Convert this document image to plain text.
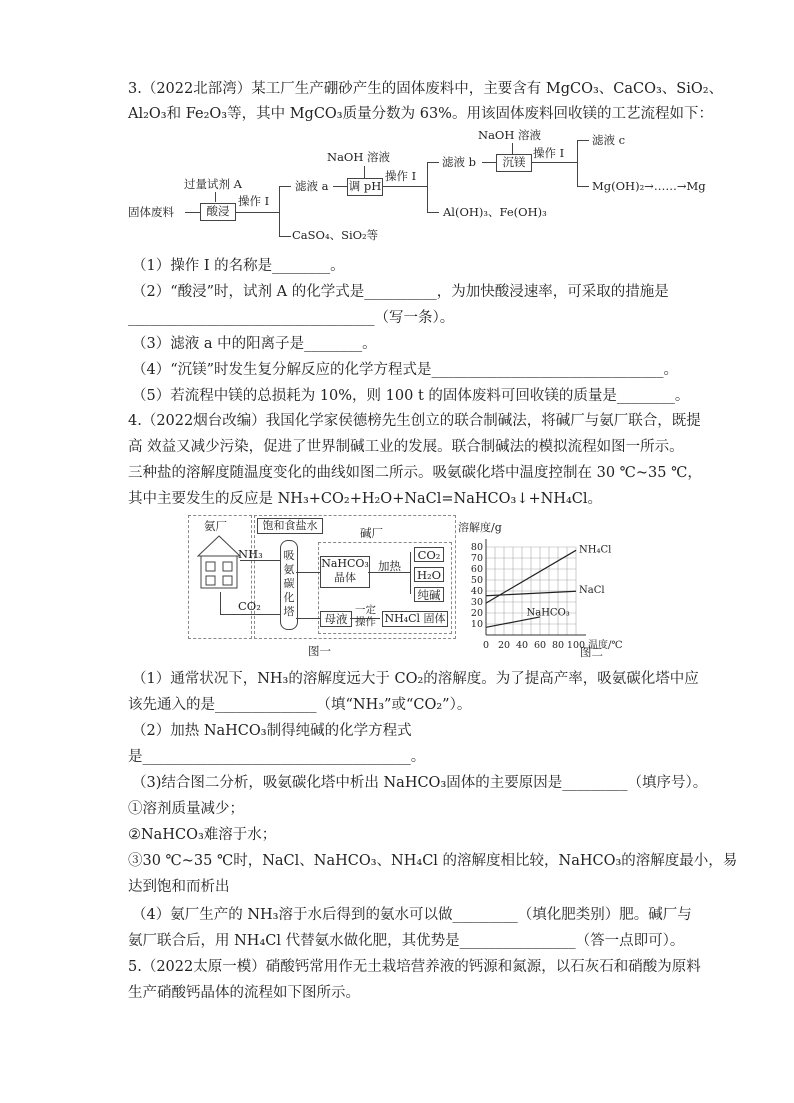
3.（2022北部湾）某工厂生产硼砂产生的固体废料中，主要含有 MgCO₃、CaCO₃、SiO₂、
Al₂O₃和 Fe₂O₃等，其中 MgCO₃质量分数为 63%。用该固体废料回收镁的工艺流程如下：
固体废料
过量试剂 A
酸浸
操作 Ⅰ
CaSO₄、SiO₂等
滤液 a
NaOH 溶液
调 pH
操作 Ⅰ
Al(OH)₃、Fe(OH)₃
滤液 b
NaOH 溶液
沉镁
操作 Ⅰ
滤液 c
Mg(OH)₂→……→Mg
（1）操作 Ⅰ 的名称是________。
（2）“酸浸”时，试剂 A 的化学式是__________，为加快酸浸速率，可采取的措施是
__________________________________（写一条）。
（3）滤液 a 中的阳离子是________。
（4）“沉镁”时发生复分解反应的化学方程式是________________________________。
（5）若流程中镁的总损耗为 10%，则 100 t 的固体废料可回收镁的质量是________。
4.（2022烟台改编）我国化学家侯德榜先生创立的联合制碱法，将碱厂与氨厂联合，既提
高 效益又减少污染，促进了世界制碱工业的发展。联合制碱法的模拟流程如图一所示。
三种盐的溶解度随温度变化的曲线如图二所示。吸氨碳化塔中温度控制在 30 ℃~35 ℃，
其中主要发生的反应是 NH₃+CO₂+H₂O+NaCl=NaHCO₃↓+NH₄Cl。
氨厂
NH₃
CO₂
饱和食盐水
吸
氨
碳
化
塔
碱厂
NaHCO₃
晶体
加热
CO₂
H₂O
纯碱
母液
一定
操作 NH₄Cl 固体
图一
溶解度/g
80
70
60
50
40
30
20
10
0 20 40 60 80 100 温度/℃
NH₄Cl
NaCl
NaHCO₃
图二
（1）通常状况下，NH₃的溶解度远大于 CO₂的溶解度。为了提高产率，吸氨碳化塔中应
该先通入的是______________（填“NH₃”或“CO₂”）。
（2）加热 NaHCO₃制得纯碱的化学方程式
是_____________________________________。
（3)结合图二分析，吸氨碳化塔中析出 NaHCO₃固体的主要原因是_________（填序号）。
①溶剂质量减少；
②NaHCO₃难溶于水；
③30 ℃~35 ℃时，NaCl、NaHCO₃、NH₄Cl 的溶解度相比较，NaHCO₃的溶解度最小，易
达到饱和而析出
（4）氨厂生产的 NH₃溶于水后得到的氨水可以做_________（填化肥类别）肥。碱厂与
氨厂联合后，用 NH₄Cl 代替氨水做化肥，其优势是________________（答一点即可）。
5.（2022太原一模）硝酸钙常用作无土栽培营养液的钙源和氮源，以石灰石和硝酸为原料
生产硝酸钙晶体的流程如下图所示。
